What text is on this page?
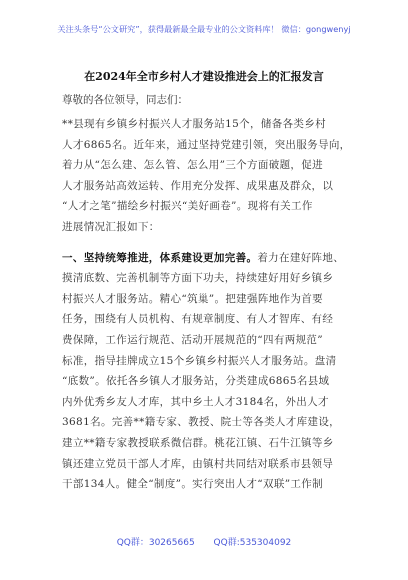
关注头条号“公文研究”，获得最新最全最专业的公文资料库！ 微信：gongwenyj
在2024年全市乡村人才建设推进会上的汇报发言
尊敬的各位领导，同志们：
**县现有乡镇乡村振兴人才服务站15个，储备各类乡村
人才6865名。近年来，通过坚持党建引领，突出服务导向，
着力从“怎么建、怎么管、怎么用”三个方面破题，促进
人才服务站高效运转、作用充分发挥、成果惠及群众，以
“人才之笔”描绘乡村振兴“美好画卷”。现将有关工作
进展情况汇报如下：
一、坚持统筹推进，体系建设更加完善。着力在建好阵地、
摸清底数、完善机制等方面下功夫，持续建好用好乡镇乡
村振兴人才服务站。精心“筑巢”。把建强阵地作为首要
任务，围绕有人员机构、有规章制度、有人才智库、有经
费保障，工作运行规范、活动开展规范的“四有两规范”
标准，指导挂牌成立15个乡镇乡村振兴人才服务站。盘清
“底数”。依托各乡镇人才服务站，分类建成6865名县域
内外优秀乡友人才库，其中乡土人才3184名，外出人才
3681名。完善**籍专家、教授、院士等各类人才库建设，
建立**籍专家教授联系微信群。桃花江镇、石牛江镇等乡
镇还建立党员干部人才库，由镇村共同结对联系市县领导
干部134人。健全“制度”。实行突出人才“双联”工作制
QQ群：30265665 QQ群:535304092
